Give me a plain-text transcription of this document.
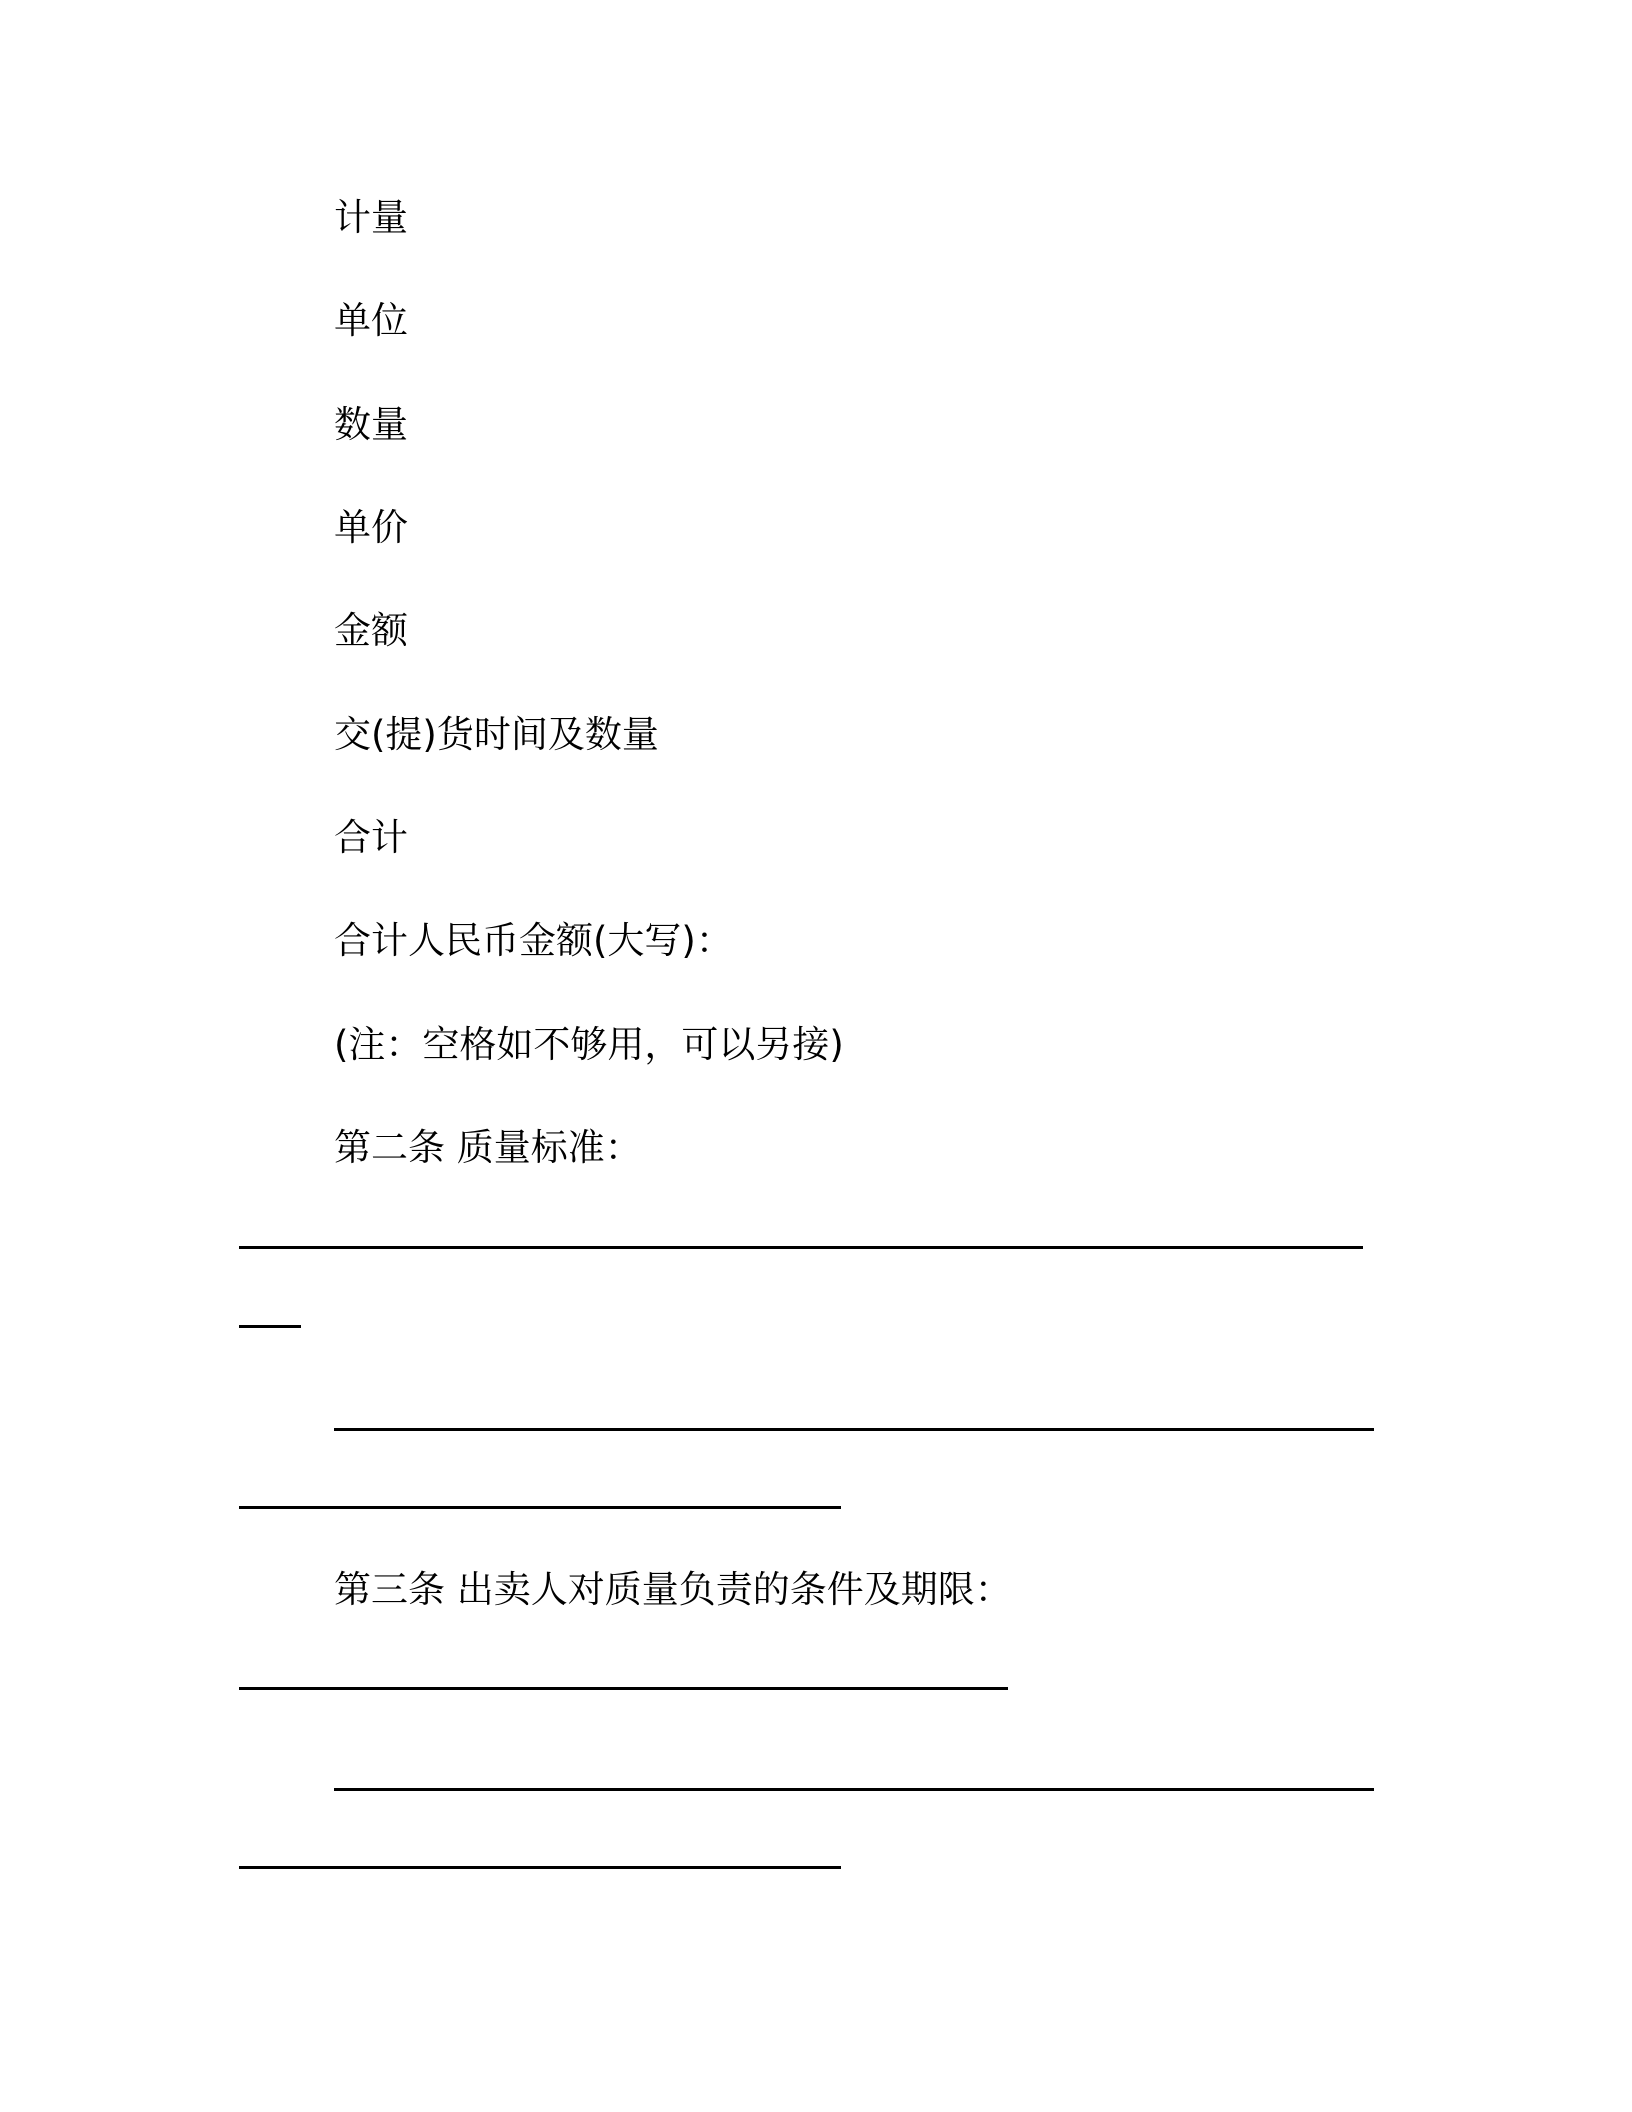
计量
单位
数量
单价
金额
交(提)货时间及数量
合计
合计人民币金额(大写)：
(注：空格如不够用，可以另接)
第二条 质量标准：
第三条 出卖人对质量负责的条件及期限：
